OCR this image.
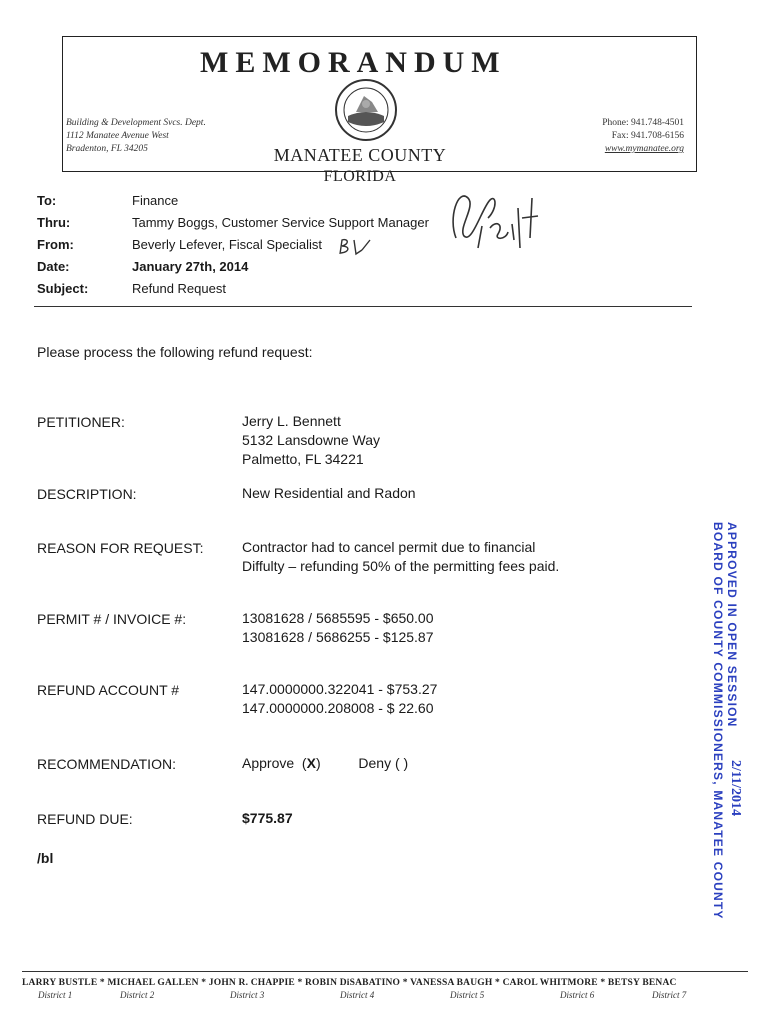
MEMORANDUM
Building & Development Svcs. Dept.
1112 Manatee Avenue West
Bradenton, FL 34205
Phone: 941.748-4501
Fax: 941.708-6156
www.mymanatee.org
MANATEE COUNTY
FLORIDA
1/28/14
To:	Finance
Thru:	Tammy Boggs, Customer Service Support Manager
From:	Beverly Lefever, Fiscal Specialist
Date:	January 27th, 2014
Subject:	Refund Request
Please process the following refund request:
PETITIONER:	Jerry L. Bennett
5132 Lansdowne Way
Palmetto, FL 34221
DESCRIPTION:	New Residential and Radon
REASON FOR REQUEST:	Contractor had to cancel permit due to financial
Diffulty – refunding 50% of the permitting fees paid.
PERMIT # / INVOICE #:	13081628 / 5685595 - $650.00
13081628 / 5686255 - $125.87
REFUND ACCOUNT #	147.0000000.322041 - $753.27
147.0000000.208008 - $ 22.60
RECOMMENDATION:	Approve  (X)  Deny ( )
REFUND DUE:	$775.87
/bl
APPROVED IN OPEN SESSION
BOARD OF COUNTY COMMISSIONERS, MANATEE COUNTY 2/11/2014
LARRY BUSTLE * MICHAEL GALLEN * JOHN R. CHAPPIE * ROBIN DiSABATINO * VANESSA BAUGH * CAROL WHITMORE * BETSY BENAC
District 1	District 2	District 3	District 4	District 5	District 6	District 7
